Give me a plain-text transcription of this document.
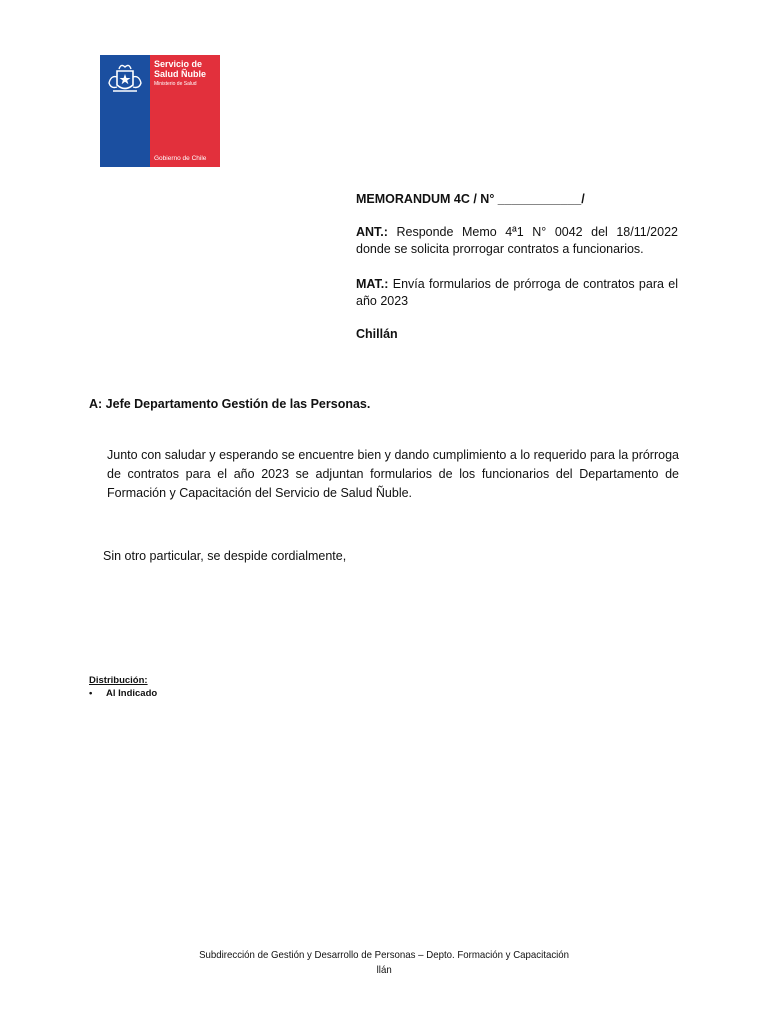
Servicio de
Salud Ñuble
Ministerio de Salud
Gobierno de Chile
MEMORANDUM 4C / N° ____________/
ANT.: Responde Memo 4ª1 N° 0042 del 18/11/2022 donde se solicita prorrogar contratos a funcionarios.
MAT.: Envía formularios de prórroga de contratos para el año 2023
Chillán
A: Jefe Departamento Gestión de las Personas.
Junto con saludar y esperando se encuentre bien y dando cumplimiento a lo requerido para la prórroga de contratos para el año 2023 se adjuntan formularios de los funcionarios del Departamento de Formación y Capacitación del Servicio de Salud Ñuble.
Sin otro particular, se despide cordialmente,
Distribución:
• Al Indicado
Subdirección de Gestión y Desarrollo de Personas – Depto. Formación y Capacitación
llán
